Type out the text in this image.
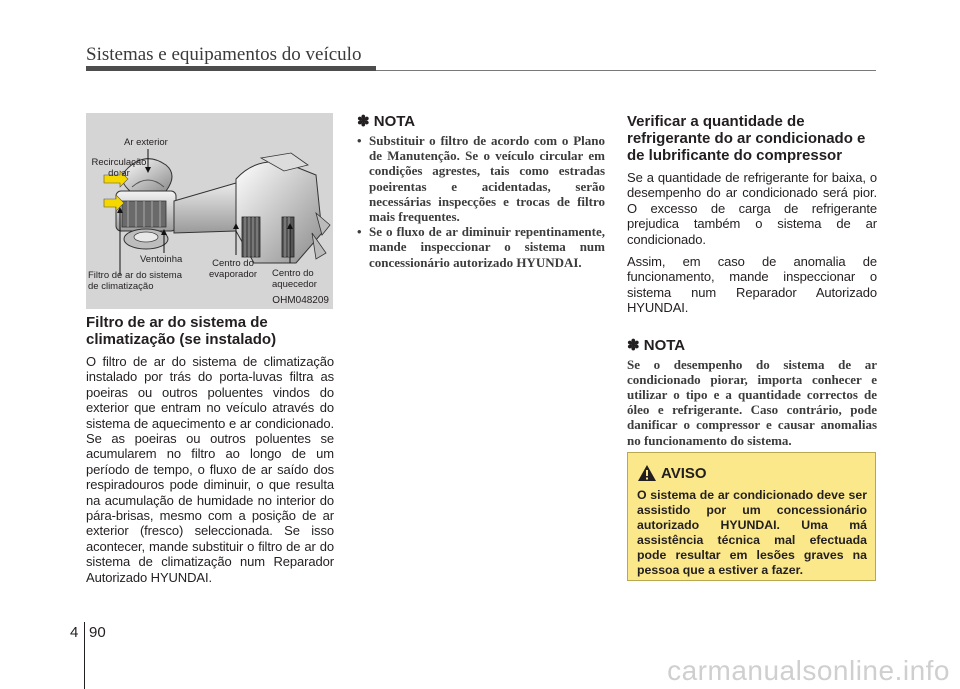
Sistemas e equipamentos do veículo
Ar exterior
Recirculação
do ar
Ventoinha
Filtro de ar do sistema
de climatização
Centro do
evaporador Centro do
aquecedor
OHM048209
Filtro de ar do sistema de climatização (se instalado)

O filtro de ar do sistema de climatização instalado por trás do porta-luvas filtra as poeiras ou outros poluentes vindos do exterior que entram no veículo através do sistema de aquecimento e ar condicionado. Se as poeiras ou outros poluentes se acumularem no filtro ao longo de um período de tempo, o fluxo de ar saído dos respiradouros pode diminuir, o que resulta na acumulação de humidade no interior do pára-brisas, mesmo com a posição de ar exterior (fresco) seleccionada. Se isso acontecer, mande substituir o filtro de ar do sistema de climatização num Reparador Autorizado HYUNDAI.

✽ NOTA
• Substituir o filtro de acordo com o Plano de Manutenção. Se o veículo circular em condições agrestes, tais como estradas poeirentas e acidentadas, serão necessárias inspecções e trocas de filtro mais frequentes.
• Se o fluxo de ar diminuir repentinamente, mande inspeccionar o sistema num concessionário autorizado HYUNDAI.
Verificar a quantidade de refrigerante do ar condicionado e de lubrificante do compressor

Se a quantidade de refrigerante for baixa, o desempenho do ar condicionado será pior. O excesso de carga de refrigerante prejudica também o sistema de ar condicionado.

Assim, em caso de anomalia de funcionamento, mande inspeccionar o sistema num Reparador Autorizado HYUNDAI.

✽ NOTA

Se o desempenho do sistema de ar condicionado piorar, importa conhecer e utilizar o tipo e a quantidade correctos de óleo e refrigerante. Caso contrário, pode danificar o compressor e causar anomalias no funcionamento do sistema.

AVISO

O sistema de ar condicionado deve ser assistido por um concessionário autorizado HYUNDAI. Uma má assistência técnica mal efectuada pode resultar em lesões graves na pessoa que a estiver a fazer.

4 90
carmanualsonline.info
